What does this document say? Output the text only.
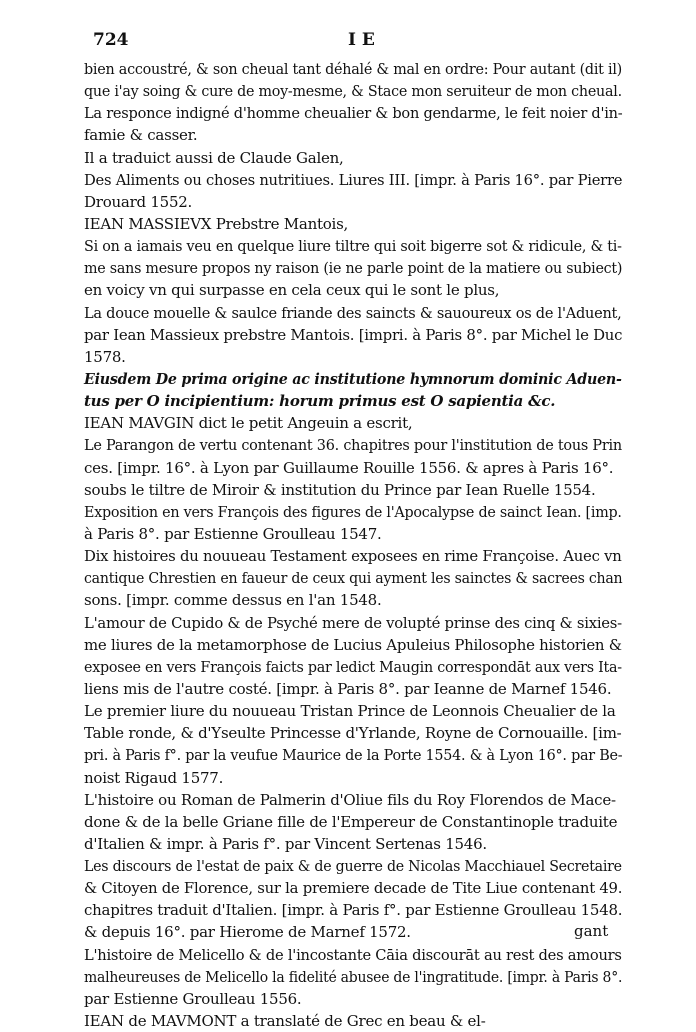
724	I E
bien accoustré, & son cheual tant déhalé & mal en ordre: Pour autant (dit il)
que i'ay soing & cure de moy-mesme, & Stace mon seruiteur de mon cheual.
La responce indigné d'homme cheualier & bon gendarme, le feit noier d'in-
famie & casser.
Il a traduict aussi de Claude Galen,
Des Aliments ou choses nutritiues. Liures III. [impr. à Paris 16°. par Pierre
Drouard 1552.
IEAN MASSIEVX Prebstre Mantois,
Si on a iamais veu en quelque liure tiltre qui soit bigerre sot & ridicule, & ti-
me sans mesure propos ny raison (ie ne parle point de la matiere ou subiect)
en voicy vn qui surpasse en cela ceux qui le sont le plus,
La douce mouelle & saulce friande des saincts & sauoureux os de l'Aduent,
par Iean Massieux prebstre Mantois. [impri. à Paris 8°. par Michel le Duc
1578.
Eiusdem De prima origine ac institutione hymnorum dominic Aduen-
tus per O incipientium: horum primus est O sapientia &c.
IEAN MAVGIN dict le petit Angeuin a escrit,
Le Parangon de vertu contenant 36. chapitres pour l'institution de tous Prin
ces. [impr. 16°. à Lyon par Guillaume Rouille 1556. & apres à Paris 16°.
soubs le tiltre de Miroir & institution du Prince par Iean Ruelle 1554.
Exposition en vers François des figures de l'Apocalypse de sainct Iean. [imp.
à Paris 8°. par Estienne Groulleau 1547.
Dix histoires du nouueau Testament exposees en rime Françoise. Auec vn
cantique Chrestien en faueur de ceux qui ayment les sainctes & sacrees chan
sons. [impr. comme dessus en l'an 1548.
L'amour de Cupido & de Psyché mere de volupté prinse des cinq & sixies-
me liures de la metamorphose de Lucius Apuleius Philosophe historien &
exposee en vers François faicts par ledict Maugin correspondāt aux vers Ita-
liens mis de l'autre costé. [impr. à Paris 8°. par Ieanne de Marnef 1546.
Le premier liure du nouueau Tristan Prince de Leonnois Cheualier de la
Table ronde, & d'Yseulte Princesse d'Yrlande, Royne de Cornouaille. [im-
pri. à Paris f°. par la veufue Maurice de la Porte 1554. & à Lyon 16°. par Be-
noist Rigaud 1577.
L'histoire ou Roman de Palmerin d'Oliue fils du Roy Florendos de Mace-
done & de la belle Griane fille de l'Empereur de Constantinople traduite
d'Italien & impr. à Paris f°. par Vincent Sertenas 1546.
Les discours de l'estat de paix & de guerre de Nicolas Macchiauel Secretaire
& Citoyen de Florence, sur la premiere decade de Tite Liue contenant 49.
chapitres traduit d'Italien. [impr. à Paris f°. par Estienne Groulleau 1548.
& depuis 16°. par Hierome de Marnef 1572.
L'histoire de Melicello & de l'incostante Cāia discourāt au rest des amours
malheureuses de Melicello la fidelité abusee de l'ingratitude. [impr. à Paris 8°.
par Estienne Groulleau 1556.
IEAN de MAVMONT a translaté de Grec en beau & el-
gant
